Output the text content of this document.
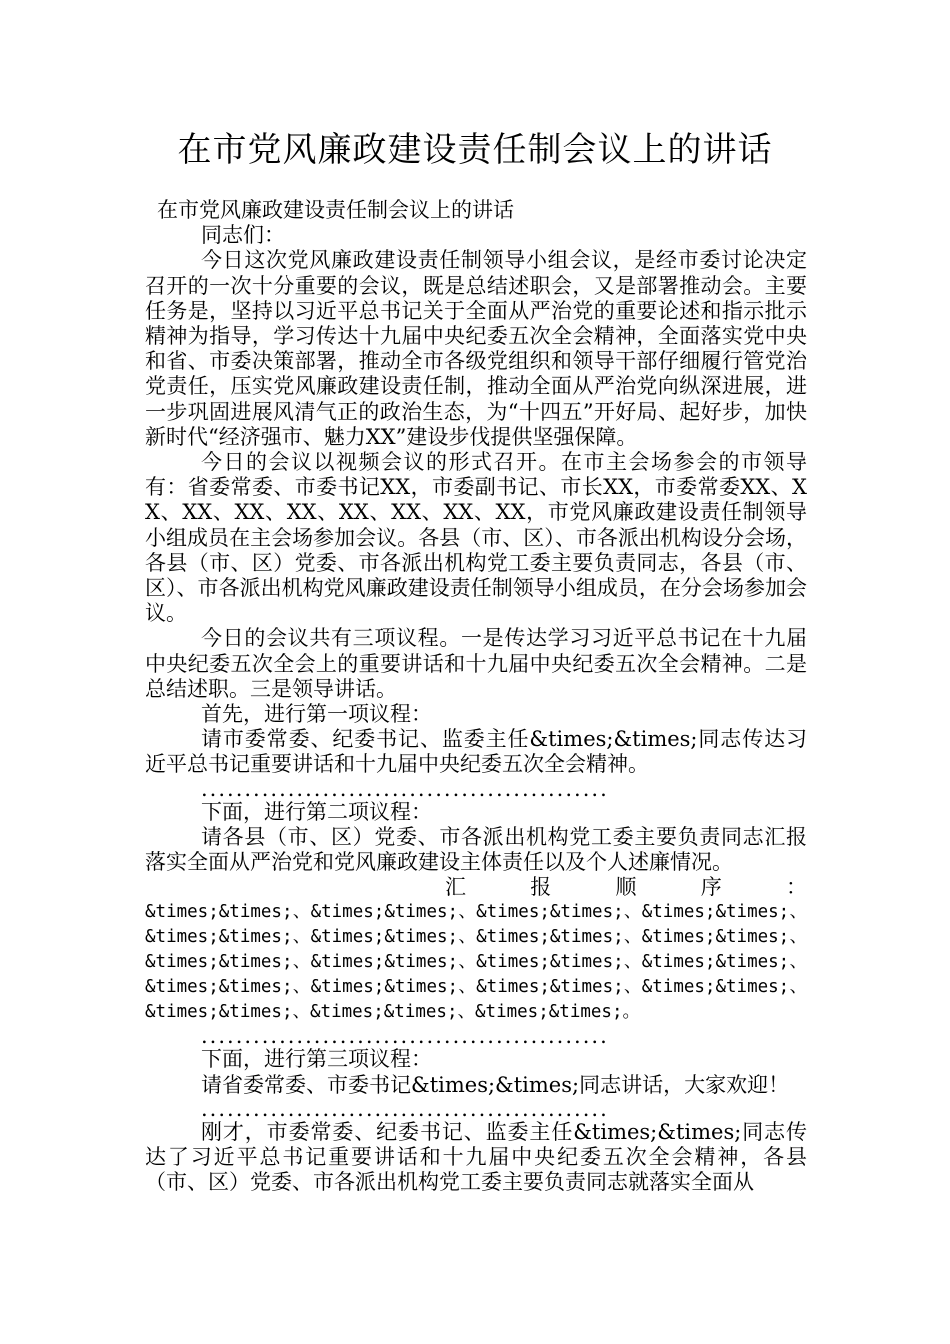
在市党风廉政建设责任制会议上的讲话

在市党风廉政建设责任制会议上的讲话

同志们：

今日这次党风廉政建设责任制领导小组会议，是经市委讨论决定召开的一次十分重要的会议，既是总结述职会，又是部署推动会。主要任务是，坚持以习近平总书记关于全面从严治党的重要论述和指示批示精神为指导，学习传达十九届中央纪委五次全会精神，全面落实党中央和省、市委决策部署，推动全市各级党组织和领导干部仔细履行管党治党责任，压实党风廉政建设责任制，推动全面从严治党向纵深进展，进一步巩固进展风清气正的政治生态，为“十四五”开好局、起好步，加快新时代“经济强市、魅力XX”建设步伐提供坚强保障。

今日的会议以视频会议的形式召开。在市主会场参会的市领导有：省委常委、市委书记XX，市委副书记、市长XX，市委常委XX、XX、XX、XX、XX、XX、XX、XX、XX，市党风廉政建设责任制领导小组成员在主会场参加会议。各县（市、区）、市各派出机构设分会场，各县（市、区）党委、市各派出机构党工委主要负责同志，各县（市、区）、市各派出机构党风廉政建设责任制领导小组成员，在分会场参加会议。

今日的会议共有三项议程。一是传达学习习近平总书记在十九届中央纪委五次全会上的重要讲话和十九届中央纪委五次全会精神。二是总结述职。三是领导讲话。

首先，进行第一项议程：

请市委常委、纪委书记、监委主任&times;&times;同志传达习近平总书记重要讲话和十九届中央纪委五次全会精神。

...............................................

下面，进行第二项议程：

请各县（市、区）党委、市各派出机构党工委主要负责同志汇报落实全面从严治党和党风廉政建设主体责任以及个人述廉情况。

汇 报 顺 序 ：

&times;&times;、&times;&times;、&times;&times;、&times;&times;、&times;&times;、&times;&times;、&times;&times;、&times;&times;、&times;&times;、&times;&times;、&times;&times;、&times;&times;、&times;&times;、&times;&times;、&times;&times;、&times;&times;、&times;&times;、&times;&times;、&times;&times;。

...............................................

下面，进行第三项议程：

请省委常委、市委书记&times;&times;同志讲话，大家欢迎！

...............................................

刚才，市委常委、纪委书记、监委主任&times;&times;同志传达了习近平总书记重要讲话和十九届中央纪委五次全会精神，各县（市、区）党委、市各派出机构党工委主要负责同志就落实全面从
